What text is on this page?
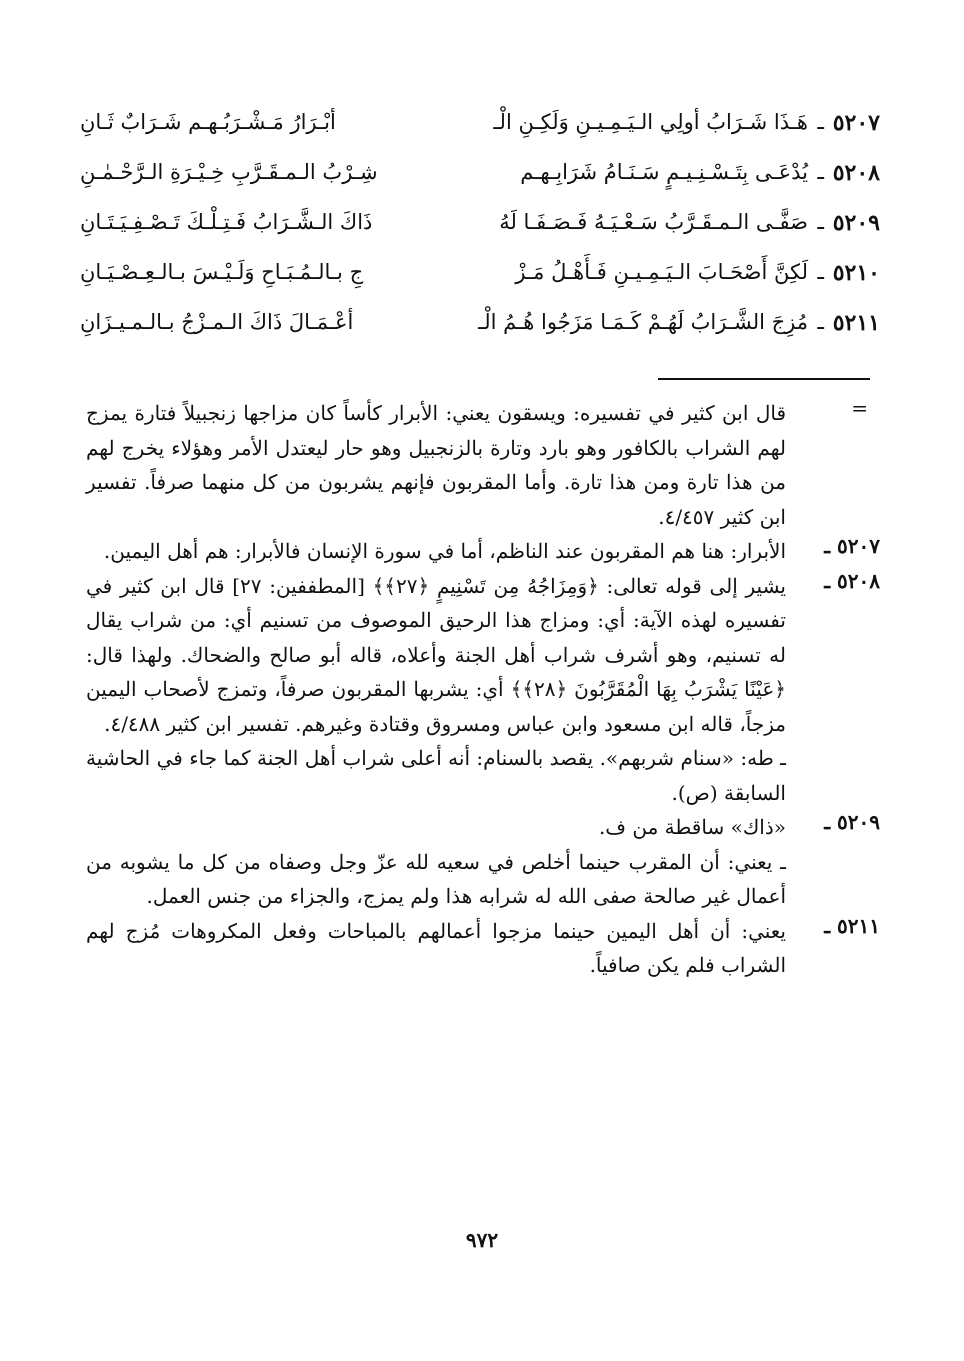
٥٢٠٧
ـ
هَـذَا شَـرَابُ أولِي الـيَـمِـيـنِ وَلَكِـنِ الْـ
أبْـرَارُ مَـشْـرَبُـهـم شَـرَابٌ ثَـانِ
٥٢٠٨
ـ
يُدْعَـى بِتَـسْـنِـيـمٍ سَـنَـامُ شَرَابِـهـم
شِـرْبُ الـمـقَـرَّبِ خِـيْـرَةِ الـرَّحْـمٰـنِ
٥٢٠٩
ـ
صَفَّـى الـمـقَـرَّبُ سَـعْـيَـهُ فَـصَـفَـا لَهُ
ذَاكَ الـشَّـرَابُ فَـتِـلْـكَ تَـصْـفِـيَـتَـانِ
٥٢١٠
ـ
لَكِنَّ أَصْحَـابَ الـيَـمِـيـنِ فَـأَهْـلُ مَـزْ
جِ بـالـمُـبَـاحِ وَلَـيْـسَ بـالـعِـصْـيَـانِ
٥٢١١
ـ
مُزِجَ الشَّـرَابُ لَهُـمْ كَـمَـا مَزَجُوا هُـمُ الْـ
أعْـمَـالَ ذَاكَ الـمـزْجُ بـالـمـيـزَانِ
=
قال ابن كثير في تفسيره: ويسقون يعني: الأبرار كأساً كان مزاجها زنجبيلاً فتارة يمزج لهم الشراب بالكافور وهو بارد وتارة بالزنجبيل وهو حار ليعتدل الأمر وهؤلاء يخرج لهم من هذا تارة ومن هذا تارة. وأما المقربون فإنهم يشربون من كل منهما صرفاً. تفسير ابن كثير ٤/٤٥٧.
٥٢٠٧ ـ
الأبرار: هنا هم المقربون عند الناظم، أما في سورة الإنسان فالأبرار: هم أهل اليمين.
٥٢٠٨ ـ
يشير إلى قوله تعالى: ﴿وَمِزَاجُهُ مِن تَسْنِيمٍ ﴿٢٧﴾﴾ [المطففين: ٢٧] قال ابن كثير في تفسيره لهذه الآية: أي: ومزاج هذا الرحيق الموصوف من تسنيم أي: من شراب يقال له تسنيم، وهو أشرف شراب أهل الجنة وأعلاه، قاله أبو صالح والضحاك. ولهذا قال: ﴿عَيْنًا يَشْرَبُ بِهَا الْمُقَرَّبُونَ ﴿٢٨﴾﴾ أي: يشربها المقربون صرفاً، وتمزج لأصحاب اليمين مزجاً، قاله ابن مسعود وابن عباس ومسروق وقتادة وغيرهم. تفسير ابن كثير ٤/٤٨٨.
ـ طه: «سنام شربهم». يقصد بالسنام: أنه أعلى شراب أهل الجنة كما جاء في الحاشية السابقة (ص).
٥٢٠٩ ـ
«ذاك» ساقطة من ف.
ـ يعني: أن المقرب حينما أخلص في سعيه لله عزّ وجل وصفاه من كل ما يشوبه من أعمال غير صالحة صفى الله له شرابه هذا ولم يمزج، والجزاء من جنس العمل.
٥٢١١ ـ
يعني: أن أهل اليمين حينما مزجوا أعمالهم بالمباحات وفعل المكروهات مُزج لهم الشراب فلم يكن صافياً.
٩٧٢
